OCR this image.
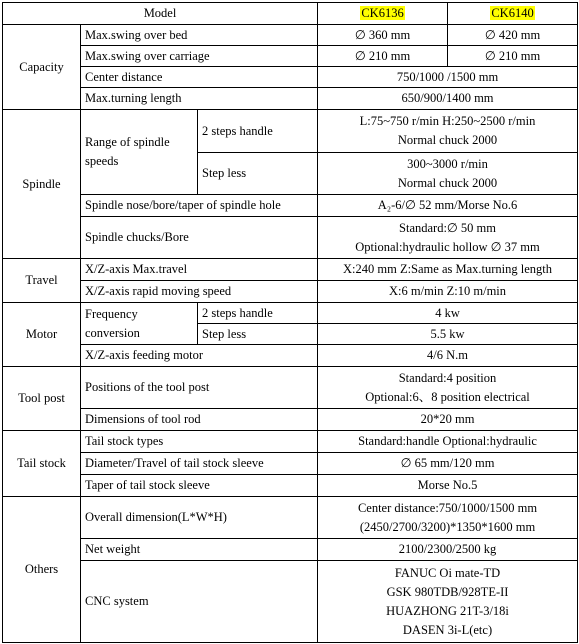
Model			CK6136	CK6140
Capacity	Max.swing over bed		∅ 360 mm	∅ 420 mm
	Max.swing over carriage		∅ 210 mm	∅ 210 mm
	Center distance		750/1000 /1500 mm	
	Max.turning length		650/900/1400 mm	
Spindle	Range of spindle speeds	2 steps handle	L:75~750 r/min H:250~2500 r/min
Normal chuck 2000	

		Step less	300~3000 r/min
Normal chuck 2000	

	Spindle nose/bore/taper of spindle hole		A₂-6/∅ 52 mm/Morse No.6	
	Spindle chucks/Bore		Standard:∅ 50 mm
Optional:hydraulic hollow ∅ 37 mm	

Travel	X/Z-axis Max.travel		X:240 mm Z:Same as Max.turning length	
	X/Z-axis rapid moving speed		X:6 m/min Z:10 m/min	
Motor	Frequency conversion	2 steps handle	4 kw	
		Step less	5.5 kw	
	X/Z-axis feeding motor		4/6 N.m	
Tool post	Positions of the tool post		Standard:4 position
Optional:6、8 position electrical	

	Dimensions of tool rod		20*20 mm	
Tail stock	Tail stock types		Standard:handle Optional:hydraulic	
	Diameter/Travel of tail stock sleeve		∅ 65 mm/120 mm	
	Taper of tail stock sleeve		Morse No.5	
Others	Overall dimension(L*W*H)		Center distance:750/1000/1500 mm
(2450/2700/3200)*1350*1600 mm	

	Net weight		2100/2300/2500 kg	
	CNC system		FANUC Oi mate-TD
GSK 980TDB/928TE-II
HUAZHONG 21T-3/18i
DASEN 3i-L(etc)	
